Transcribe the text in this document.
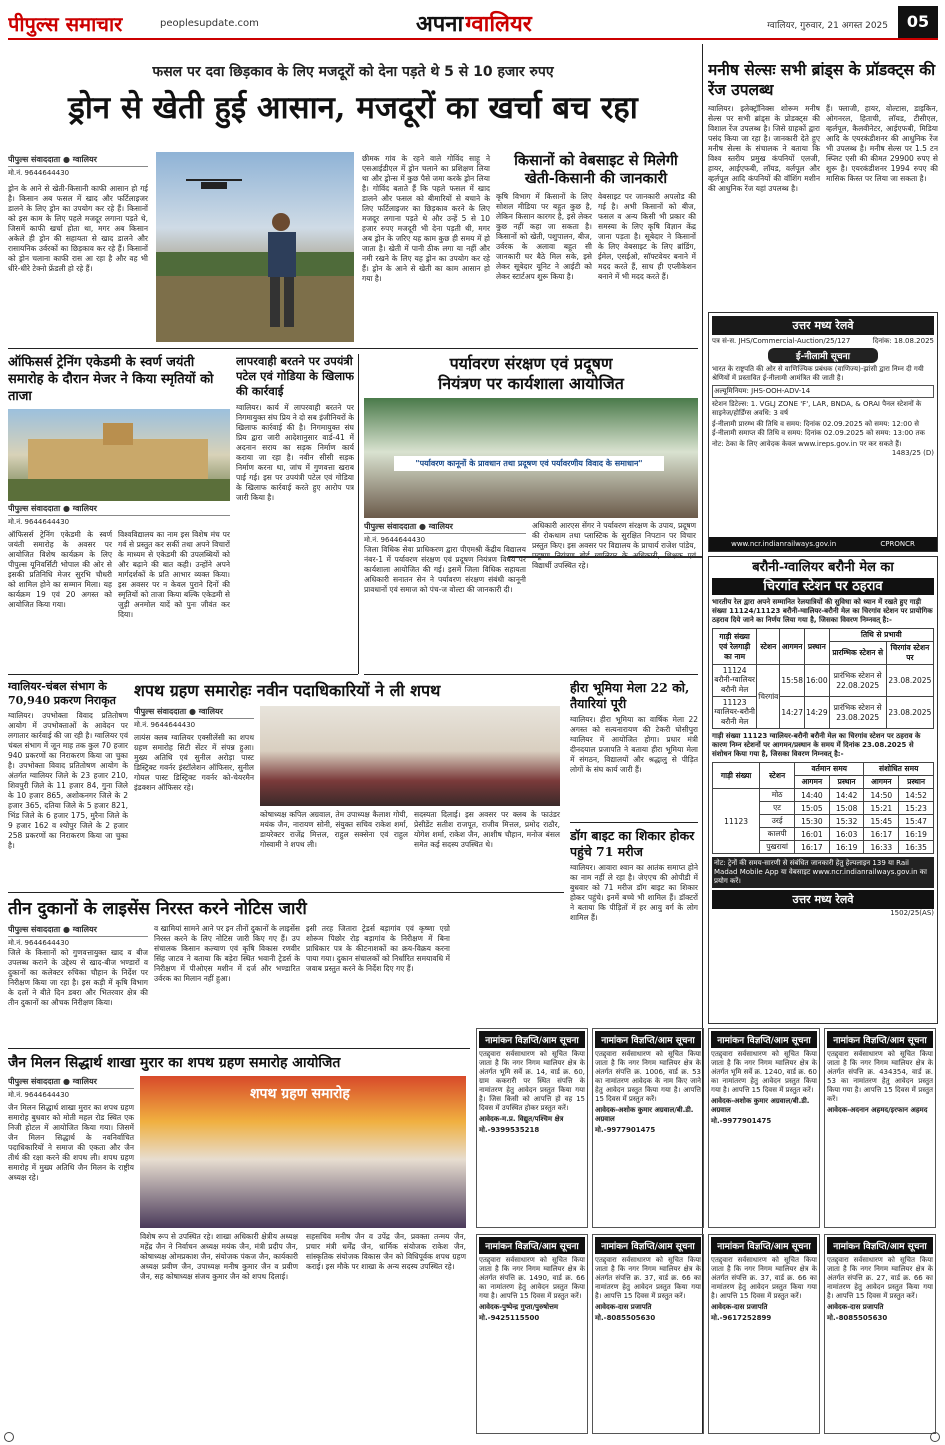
पीपुल्स समाचार	peoplesupdate.com	अपनाग्वालियर	ग्वालियर, गुरुवार, 21 अगस्त 2025	05
फसल पर दवा छिड़काव के लिए मजदूरों को देना पड़ते थे 5 से 10 हजार रुपए
ड्रोन से खेती हुई आसान, मजदूरों का खर्चा बच रहा
पीपुल्स संवाददाता ● ग्वालियर
मो.नं. 9644644430
ड्रोन के आने से खेती-किसानी काफी आसान हो गई है। किसान अब फसल में खाद और फर्टिलाइजर डालने के लिए ड्रोन का उपयोग कर रहे हैं। किसानों को इस काम के लिए पहले मजदूर लगाना पड़ते थे, जिसमें काफी खर्चा होता था, मगर अब किसान अकेले ही ड्रोन की सहायता से खाद डालने और रासायनिक उर्वरकों का छिड़काव कर रहे हैं। किसानों को ड्रोन चलाना काफी रास आ रहा है और वह भी धीरे-धीरे टेक्नो फ्रेंडली हो रहे हैं।
छीमक गांव के रहने वाले गोविंद साहू ने एसआईडीएल में ड्रोन चलाने का प्रशिक्षण लिया था और ड्रोन्स में कुछ पैसे जमा करके ड्रोन लिया है। गोविंद बताते हैं कि पहले फसल में खाद डालने और फसल को बीमारियों से बचाने के लिए फर्टिलाइजर का छिड़काव करने के लिए मजदूर लगाना पड़ते थे और उन्हें 5 से 10 हजार रुपए मजदूरी भी देना पड़ती थी, मगर अब ड्रोन के जरिए यह काम कुछ ही समय में हो जाता है। खेती में पानी ठीक लगा या नहीं और नमी रखने के लिए यह ड्रोन का उपयोग कर रहे हैं। ड्रोन के आने से खेती का काम आसान हो गया है।
किसानों को वेबसाइट से मिलेगी
खेती-किसानी की जानकारी
कृषि विभाग में किसानों के लिए सोशल मीडिया पर बहुत कुछ है, लेकिन किसान कारगर है, इसे लेकर कुछ नहीं कहा जा सकता है। किसानों को खेती, पशुपालन, बीज, उर्वरक के अलावा बहुत सी जानकारी घर बैठे मिल सके, इसे लेकर सूबेदार यूनिट ने आईटी को लेकर स्टार्टअप शुरू किया है।
वेबसाइट पर जानकारी अपलोड की गई है। अभी किसानों को बीज, फसल व अन्य किसी भी प्रकार की समस्या के लिए कृषि विज्ञान केंद्र जाना पड़ता है। सूबेदार ने किसानों के लिए वेबसाइट के लिए ब्रांडिंग, ईमेल, एसईओ, सॉफ्टवेयर बनाने में मदद करते हैं, साथ ही एप्लीकेशन बनाने में भी मदद करते हैं।
ऑफिसर्स ट्रेनिंग एकेडमी के स्वर्ण जयंती समारोह के दौरान मेजर ने किया स्मृतियों को ताजा
पीपुल्स संवाददाता ● ग्वालियर
मो.नं. 9644644430
ऑफिसर्स ट्रेनिंग एकेडमी के स्वर्ण जयंती समारोह के अवसर पर आयोजित विशेष कार्यक्रम के लिए पीपुल्स यूनिवर्सिटी भोपाल की ओर से इसकी प्रतिनिधि मेजर सुरभि चौधरी को शामिल होने का सम्मान मिला। यह कार्यक्रम 19 एवं 20 अगस्त को आयोजित किया गया।
विश्वविद्यालय का नाम इस विशेष मंच पर गर्व से प्रस्तुत कर सकीं तथा अपने विचारों के माध्यम से एकेडमी की उपलब्धियों को और बढ़ाने की बात कही। उन्होंने अपने मार्गदर्शकों के प्रति आभार व्यक्त किया। इस अवसर पर न केवल पुराने दिनों की स्मृतियों को ताजा किया बल्कि एकेडमी से जुड़ी अनमोल यादें को पुनः जीवंत कर दिया।
लापरवाही बरतने पर उपयंत्री पटेल एवं गोडिया के खिलाफ की कार्रवाई
ग्वालियर। कार्य में लापरवाही बरतने पर निगमायुक्त संघ प्रिय ने दो सब इंजीनियरों के खिलाफ कार्रवाई की है। निगमायुक्त संघ प्रिय द्वारा जारी आदेशानुसार वार्ड-41 में अदनान सराय का सड़क निर्माण कार्य कराया जा रहा है। नवीन सीसी सड़क निर्माण करना था, जांच में गुणवत्ता खराब पाई गई। इस पर उपयंत्री पटेल एवं गोडिया के खिलाफ कार्रवाई करते हुए आरोप पत्र जारी किया है।
पर्यावरण संरक्षण एवं प्रदूषण
नियंत्रण पर कार्यशाला आयोजित
"पर्यावरण कानूनों के प्रावधान तथा प्रदूषण एवं पर्यावरणीय विवाद के समाधान"
पीपुल्स संवाददाता ● ग्वालियर
मो.नं. 9644644430
जिला विधिक सेवा प्राधिकरण द्वारा पीएमश्री केंद्रीय विद्यालय नंबर-1 में पर्यावरण संरक्षण एवं प्रदूषण नियंत्रण विषय पर कार्यशाला आयोजित की गई। इसमें जिला विधिक सहायता अधिकारी सनातन सेन ने पर्यावरण संरक्षण संबंधी कानूनी प्रावधानों एवं समाज को पंच-ज वोल्टा की जानकारी दी।
अधिकारी आरएस सेंगर ने पर्यावरण संरक्षण के उपाय, प्रदूषण की रोकथाम तथा प्लास्टिक के सुरक्षित निपटान पर विचार प्रस्तुत किए। इस अवसर पर विद्यालय के प्राचार्य राजेश पांडेय, प्रदूषण नियंत्रण बोर्ड ग्वालियर के अधिकारी, शिक्षक एवं विद्यार्थी उपस्थित रहे।
ग्वालियर-चंबल संभाग के 70,940 प्रकरण निराकृत
ग्वालियर। उपभोक्ता विवाद प्रतितोषण आयोग में उपभोक्ताओं के आवेदन पर लगातार कार्रवाई की जा रही है। ग्वालियर एवं चंबल संभाग में जून माह तक कुल 70 हजार 940 प्रकरणों का निराकरण किया जा चुका है। उपभोक्ता विवाद प्रतितोषण आयोग के अंतर्गत ग्वालियर जिले के 23 हजार 210, शिवपुरी जिले के 11 हजार 84, गुना जिले के 10 हजार 865, अशोकनगर जिले के 2 हजार 365, दतिया जिले के 5 हजार 821, भिंड जिले के 6 हजार 175, मुरैना जिले के 9 हजार 162 व श्योपुर जिले के 2 हजार 258 प्रकरणों का निराकरण किया जा चुका है।
शपथ ग्रहण समारोहः नवीन पदाधिकारियों ने ली शपथ
पीपुल्स संवाददाता ● ग्वालियर
मो.नं. 9644644430
लायंस क्लब ग्वालियर एक्सीलेंसी का शपथ ग्रहण समारोह सिटी सेंटर में संपन्न हुआ। मुख्य अतिथि एवं सुनील अरोड़ा पास्ट डिस्ट्रिक्ट गवर्नर इंस्टॉलेशन ऑफिसर, सुनील गोयल पास्ट डिस्ट्रिक्ट गवर्नर को-चेयरमैन इंडक्शन ऑफिसर रहे।
कोषाध्यक्ष कपिल अग्रवाल, तेम उपाध्यक्ष कैलाश गोयी, मयंक जैन, नारायण सोनी, संयुक्त सचिव राकेश शर्मा, डायरेक्टर राजेंद्र मित्तल, राहुल सक्सेना एवं राहुल गोस्वामी ने शपथ ली।
सदस्यता दिलाई। इस अवसर पर क्लब के फाउंडर प्रेसीडेंट सतीश राजपूत, राजीव मित्तल, प्रमोद राठौर, योगेश शर्मा, राकेश जैन, आशीष चौहान, मनोज बंसल समेत कई सदस्य उपस्थित थे।
हीरा भूमिया मेला 22 को, तैयारियां पूरी
ग्वालियर। हीरा भूमिया का वार्षिक मेला 22 अगस्त को सत्यनारायण की टेकरी घोसीपुरा ग्वालियर में आयोजित होगा। प्रधार मंत्री दीनदयाल प्रजापति ने बताया हीरा भूमिया मेला में संगठन, विद्यालयों और श्रद्धालु से पीड़ित लोगों के संघ कार्य जारी हैं।
तीन दुकानों के लाइसेंस निरस्त करने नोटिस जारी
पीपुल्स संवाददाता ● ग्वालियर
मो.नं. 9644644430
जिले के किसानों को गुणवत्तायुक्त खाद व बीज उपलब्ध कराने के उद्देश्य से खाद-बीज भण्डारों व दुकानों का कलेक्टर रुचिका चौहान के निर्देश पर निरीक्षण किया जा रहा है। इस कड़ी में कृषि विभाग के दलों ने बीते दिन डबरा और भितरवार क्षेत्र की तीन दुकानों का औचक निरीक्षण किया।
व खामियां सामने आने पर इन तीनों दुकानों के लाइसेंस निरस्त करने के लिए नोटिस जारी किए गए हैं। उप संचालक किसान कल्याण एवं कृषि विकास रणवीर सिंह जाटव ने बताया कि बड़ेरा स्थित भवानी ट्रेडर्स के निरीक्षण में पीओएस मशीन में दर्ज और भण्डारित उर्वरक का मिलान नहीं हुआ।
इसी तरह जितारा ट्रेडर्स बड़ागांव एवं कृष्णा एग्रो शोरूम पिछोर रोड़ बड़ागांव के निरीक्षण में बिना प्राधिकार पत्र के कीटनाशकों का क्रय-विक्रय करना पाया गया। दुकान संचालकों को निर्धारित समयावधि में जवाब प्रस्तुत करने के निर्देश दिए गए हैं।
डॉग बाइट का शिकार होकर पहुंचे 71 मरीज
ग्वालियर। आवारा श्वान का आतंक समाप्त होने का नाम नहीं ले रहा है। जेएएच की ओपीडी में बुधवार को 71 मरीज डॉग बाइट का शिकार होकर पहुंचे। इनमें बच्चे भी शामिल हैं। डॉक्टरों ने बताया कि पीड़ितों में हर आयु वर्ग के लोग शामिल हैं।
जैन मिलन सिद्धार्थ शाखा मुरार का शपथ ग्रहण समारोह आयोजित
पीपुल्स संवाददाता ● ग्वालियर
मो.नं. 9644644430
जैन मिलन सिद्धार्थ शाखा मुरार का शपथ ग्रहण समारोह बुधवार को मोती महल रोड स्थित एक निजी होटल में आयोजित किया गया। जिसमें जैन मिलन सिद्धार्थ के नवनिर्वाचित पदाधिकारियों ने समाज की एकता और जैन तीर्थ की रक्षा करने की शपथ ली। शपथ ग्रहण समारोह में मुख्य अतिथि जैन मिलन के राष्ट्रीय अध्यक्ष रहे।
शपथ ग्रहण समारोह
विशेष रूप से उपस्थित रहे। शाखा अधिकारी क्षेत्रीय अध्यक्ष महेंद्र जैन ने निर्वाचन अध्यक्ष मयंक जैन, मंत्री प्रदीप जैन, कोषाध्यक्ष ओमप्रकाश जैन, संयोजक पंकज जैन, कार्यकारी अध्यक्ष प्रवीण जैन, उपाध्यक्ष मनीष कुमार जैन व प्रवीण जैन, सह कोषाध्यक्ष संजय कुमार जैन को शपथ दिलाई।
सहसचिव मनीष जैन व उपेंद्र जैन, प्रवक्ता तन्मय जैन, प्रचार मंत्री धर्मेंद्र जैन, धार्मिक संयोजक राकेश जैन, सांस्कृतिक संयोजक विकास जैन को विधिपूर्वक शपथ ग्रहण कराई। इस मौके पर शाखा के अन्य सदस्य उपस्थित रहे।
मनीष सेल्सः सभी ब्रांड्स के प्रॉडक्ट्स की रेंज उपलब्ध
ग्वालियर। इलेक्ट्रॉनिक्स शोरूम मनीष सेल्स पर सभी ब्रांड्स के प्रोडक्ट्स की विशाल रेंज उपलब्ध है। जिसे ग्राहकों द्वारा पसंद किया जा रहा है। जानकारी देते हुए मनीष सेल्स के संचालक ने बताया कि विश्व स्तरीय प्रमुख कंपनियों एलजी, हायर, आईएफबी, लॉयड, वर्लपूल और व्हर्लपूल आदि कंपनियों की वॉशिंग मशीन की आधुनिक रेंज यहां उपलब्ध है।
हैं। फ्लाजी, हायर, वोल्टास, डाइकिन, ओगनरल, हिताची, लॉयड, टीसीएल, व्हर्लपूल, कैलवीनेटर, आईएफबी, मिडिया आदि के एयरकंडीशनर की आधुनिक रेंज भी उपलब्ध है। मनीष सेल्स पर 1.5 टन स्प्लिट एसी की कीमत 29900 रुपए से शुरू है। एयरकंडीशनर 1994 रुपए की मासिक किस्त पर लिया जा सकता है।
उत्तर मध्य रेलवे
पत्र सं-स. JHS/Commercial-Auction/25/127	दिनांक: 18.08.2025
ई-नीलामी सूचना
भारत के राष्ट्रपति की ओर से वाणिज्यिक प्रबंधक (वाणिज्य)-झांसी द्वारा निम्न दी गयी श्रेणियों में प्रस्तावित ई-नीलामी आमंत्रित की जाती है।
अल्यूमिनियम: JHS-OOH-ADV-14
स्टेशन डिटेल्स: 1. VGLJ ZONE 'F', LAR, BNDA, & ORAI पैनल स्टेशनों के साइनेज/होर्डिंग्स अवधि: 3 वर्ष
ई-नीलामी प्रारम्भ की तिथि व समय: दिनांक 02.09.2025 को समय: 12:00 से
ई-नीलामी समाप्त की तिथि व समय: दिनांक 02.09.2025 को समय: 13:00 तक
नोट: ठेका के लिए आवेदक केवल www.ireps.gov.in पर कर सकते हैं।
1483/25 (D)
www.ncr.indianrailways.gov.in	CPRONCR
बरौनी-ग्वालियर बरौनी मेल का
चिरगांव स्टेशन पर ठहराव
भारतीय रेल द्वारा अपने सम्मानित रेलयात्रियों की सुविधा को ध्यान में रखते हुए गाड़ी संख्या 11124/11123 बरौनी-ग्वालियर-बरौनी मेल का चिरगांव स्टेशन पर प्रायोगिक ठहराव दिये जाने का निर्णय लिया गया है, जिसका विवरण निम्नवत् है:-
गाड़ी संख्या एवं रेलगाड़ी का नाम	स्टेशन	आगमन	प्रस्थान	तिथि से प्रभावी	
				प्रारम्भिक स्टेशन से	चिरगांव स्टेशन पर
11124 बरौनी-ग्वालियर बरौनी मेल	चिरगांव	15:58	16:00	प्रारंभिक स्टेशन से 22.08.2025	23.08.2025
11123 ग्वालियर-बरौनी बरौनी मेल		14:27	14:29	प्रारंभिक स्टेशन से 23.08.2025	23.08.2025
गाड़ी संख्या 11123 ग्वालियर-बरौनी बरौनी मेल का चिरगांव स्टेशन पर ठहराव के कारण निम्न स्टेशनों पर आगमन/प्रस्थान के समय में दिनांक 23.08.2025 से संशोधन किया गया है, जिसका विवरण निम्नवत् है:-
गाड़ी संख्या	स्टेशन	वर्तमान समय		संशोधित समय	
		आगमन	प्रस्थान	आगमन	प्रस्थान
11123	मोठ	14:40	14:42	14:50	14:52
	एट	15:05	15:08	15:21	15:23
	उरई	15:30	15:32	15:45	15:47
	कालपी	16:01	16:03	16:17	16:19
	पुखरायां	16:17	16:19	16:33	16:35
नोट: ट्रेनों की समय-सारणी से संबंधित जानकारी हेतु हेल्पलाइन 139 या Rail Madad Mobile App या वेबसाइट www.ncr.indianrailways.gov.in का प्रयोग करें।
उत्तर मध्य रेलवे
1502/25(AS)
नामांकन विज्ञप्ति/आम सूचना
एतद्द्वारा सर्वसाधारण को सूचित किया जाता है कि नगर निगम ग्वालियर क्षेत्र के अंतर्गत भूमि सर्वे क्र. 14, वार्ड क्र. 60, ग्राम ककरारी पर स्थित संपत्ति के नामांतरण हेतु आवेदन प्रस्तुत किया गया है। जिस किसी को आपत्ति हो वह 15 दिवस में उपस्थित होकर प्रस्तुत करें।
आवेदक-म.प्र. विद्युत/पश्चिम क्षेत्र
मो.-9399535218
नामांकन विज्ञप्ति/आम सूचना
एतद्द्वारा सर्वसाधारण को सूचित किया जाता है कि नगर निगम ग्वालियर क्षेत्र के अंतर्गत संपत्ति क्र. 1006, वार्ड क्र. 53 का नामांतरण आवेदक के नाम किए जाने हेतु आवेदन प्रस्तुत किया गया है। आपत्ति 15 दिवस में प्रस्तुत करें।
आवेदक-अशोक कुमार अग्रवाल/बी.डी. अग्रवाल
मो.-9977901475
नामांकन विज्ञप्ति/आम सूचना
एतद्द्वारा सर्वसाधारण को सूचित किया जाता है कि नगर निगम ग्वालियर क्षेत्र के अंतर्गत भूमि सर्वे क्र. 1240, वार्ड क्र. 60 का नामांतरण हेतु आवेदन प्रस्तुत किया गया है। आपत्ति 15 दिवस में प्रस्तुत करें।
आवेदक-अशोक कुमार अग्रवाल/बी.डी. अग्रवाल
मो.-9977901475
नामांकन विज्ञप्ति/आम सूचना
एतद्द्वारा सर्वसाधारण को सूचित किया जाता है कि नगर निगम ग्वालियर क्षेत्र के अंतर्गत संपत्ति क्र. 434354, वार्ड क्र. 53 का नामांतरण हेतु आवेदन प्रस्तुत किया गया है। आपत्ति 15 दिवस में प्रस्तुत करें।
आवेदक-अदनान अहमद/इरफान अहमद
नामांकन विज्ञप्ति/आम सूचना
एतद्द्वारा सर्वसाधारण को सूचित किया जाता है कि नगर निगम ग्वालियर क्षेत्र के अंतर्गत संपत्ति क्र. 1490, वार्ड क्र. 66 का नामांतरण हेतु आवेदन प्रस्तुत किया गया है। आपत्ति 15 दिवस में प्रस्तुत करें।
आवेदक-पुष्पेन्द्र गुप्ता/पुरुषोत्तम
मो.-9425115500
नामांकन विज्ञप्ति/आम सूचना
एतद्द्वारा सर्वसाधारण को सूचित किया जाता है कि नगर निगम ग्वालियर क्षेत्र के अंतर्गत संपत्ति क्र. 37, वार्ड क्र. 66 का नामांतरण हेतु आवेदन प्रस्तुत किया गया है। आपत्ति 15 दिवस में प्रस्तुत करें।
आवेदक-दास प्रजापति
मो.-8085505630
नामांकन विज्ञप्ति/आम सूचना
एतद्द्वारा सर्वसाधारण को सूचित किया जाता है कि नगर निगम ग्वालियर क्षेत्र के अंतर्गत संपत्ति क्र. 37, वार्ड क्र. 66 का नामांतरण हेतु आवेदन प्रस्तुत किया गया है। आपत्ति 15 दिवस में प्रस्तुत करें।
आवेदक-दास प्रजापति
मो.-9617252899
नामांकन विज्ञप्ति/आम सूचना
एतद्द्वारा सर्वसाधारण को सूचित किया जाता है कि नगर निगम ग्वालियर क्षेत्र के अंतर्गत संपत्ति क्र. 27, वार्ड क्र. 66 का नामांतरण हेतु आवेदन प्रस्तुत किया गया है। आपत्ति 15 दिवस में प्रस्तुत करें।
आवेदक-दास प्रजापति
मो.-8085505630
